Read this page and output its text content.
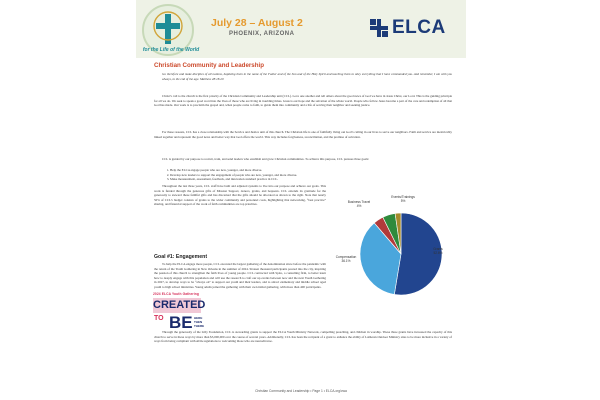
for the Life of the World
July 28 – August 2
PHOENIX, ARIZONA	ELCA
Christian Community and Leadership

Go therefore and make disciples of all nations, baptizing them in the name of the Father and of the Son and of the Holy Spirit and teaching them to obey everything that I have commanded you. And remember, I am with you always, to the end of the age. Matthew 28:18-20

Christ’s call to the church is the first priority of the Christian Community and Leadership unit (CCL). Love one another and tell others about the good news of God we have in Jesus Christ, our Lord. This is the guiding principle for all we do. We seek to speak a good word into the lives of those who are living in troubling times. Jesus is our hope and the salvation of the whole world. People who follow Jesus become a part of the care and redemption of all that God has made. Our work is to proclaim the gospel and, when people come to faith, to guide them into community and a life of serving their neighbor and seeking justice.

For these reasons, CCL has a close relationship with the Service and Justice unit of this church. The Christian life is one of faithfully living out God’s calling in our lives to serve our neighbors. Faith and service are inextricably linked together and represent the good news and better way that God offers the world. This way includes forgiveness, reconciliation, and the promise of salvation.

CCL is guided by our purpose to recruit, train, and send leaders who establish and grow Christian communities. To achieve this purpose, CCL pursues three goals:

1. Help the ELCA engage people who are new, younger, and more diverse.
2. Develop new leaders to support the engagement of people who are new, younger, and more diverse.
3. Make measurement, assessment, feedback, and innovation standard practice in CCL.

Throughout the last three years, CCL staff have built and adjusted systems to live into our purpose and achieve our goals. This work is funded through the generous gifts of Mission Support, donors, grants, and bequests. CCL extends its gratitude for the generosity to steward these faithful gifts and has discerned that the gifts should be allocated as shown to the right. Note that nearly 50% of CCL’s budget consists of grants to the wider community and personnel costs, highlighting that networking, “best practice” sharing, and financial support of the work of faith communities are top priorities.	Business Travel
4%
Events/Trainings
5%
Compensation
36.1%
Grants
52.6%
Goal #1: Engagement

To help the ELCA engage more people, CCL executed the largest gathering of the denomination since before the pandemic with the return of the Youth Gathering in New Orleans in the summer of 2024. Sixteen thousand participants poured into the city, inspiring the passion of this church to strengthen the faith lives of young people. CCL contracted with Spiro, a consulting firm, to better learn how to deeply engage with this population and will use the research to craft our up events between now and the next Youth Gathering in 2027, to develop ways to be “always on” to support our youth and their leaders, and to attract elementary and middle school aged youth to high school ministries. Young adults joined the gathering with their own initial gathering, with more than 400 participants.

Through the generosity of the Lilly Foundation, CCL is stewarding grants to support the ELCA Youth Ministry Network, compelling preaching, and children in worship. These three grants have increased the capacity of this church to serve in these ways by more than $3,000,000 over the course of several years. Additionally, CCL has been the recipient of a grant to enhance the ability of Lutheran Outdoor Ministry sites to be more inclusive in a variety of ways from being compliant with ADA regulations to welcoming those who are neurodiverse.

2024 ELCA Youth Gathering
CREATED
TO BE HERE THEN THERE
Christian Community and Leadership • Page 1 • ELCA.org/cwa
